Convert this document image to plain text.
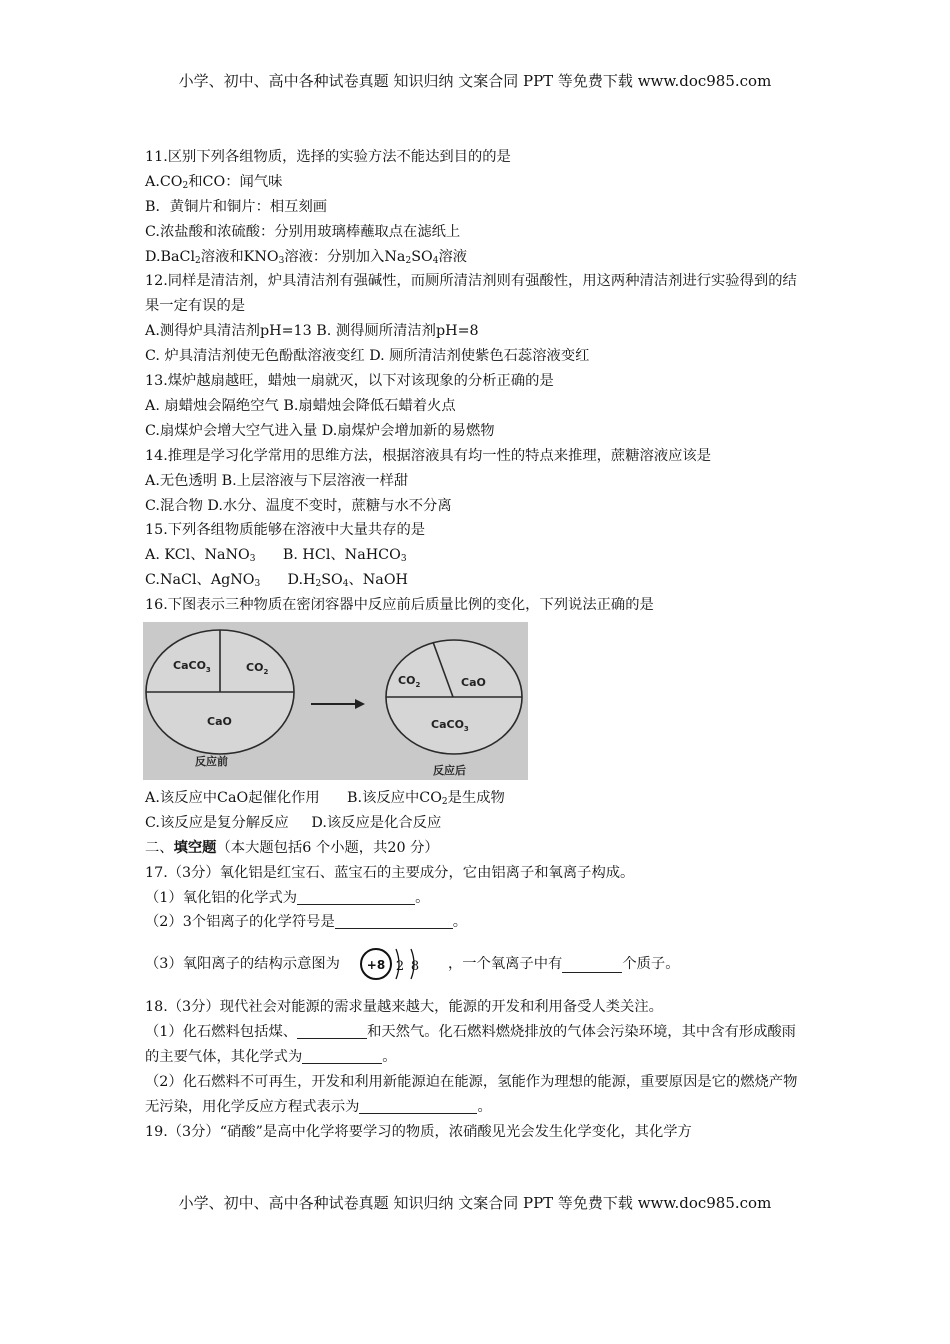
小学、初中、高中各种试卷真题 知识归纳 文案合同 PPT 等免费下载 www.doc985.com
11.区别下列各组物质，选择的实验方法不能达到目的的是
$A.CO_2$和CO：闻气味
B．黄铜片和铜片：相互刻画
C.浓盐酸和浓硫酸：分别用玻璃棒蘸取点在滤纸上
D.BaCl$_2$溶液和$KNO_3$溶液：分别加入$Na_2SO_4$溶液
12.同样是清洁剂，炉具清洁剂有强碱性，而厕所清洁剂则有强酸性，用这两种清洁剂进行实验得到的结果一定有误的是
A.测得炉具清洁剂pH=13 B. 测得厕所清洁剂pH=8
C. 炉具清洁剂使无色酚酞溶液变红 D. 厕所清洁剂使紫色石蕊溶液变红
13.煤炉越扇越旺，蜡烛一扇就灭，以下对该现象的分析正确的是
A. 扇蜡烛会隔绝空气 B.扇蜡烛会降低石蜡着火点
C.扇煤炉会增大空气进入量 D.扇煤炉会增加新的易燃物
14.推理是学习化学常用的思维方法，根据溶液具有均一性的特点来推理，蔗糖溶液应该是
A.无色透明 B.上层溶液与下层溶液一样甜
C.混合物 D.水分、温度不变时，蔗糖与水不分离
15.下列各组物质能够在溶液中大量共存的是
A. KCl、NaNO$_3$ B. HCl、NaHCO$_3$
C.NaCl、AgNO$_3$ $D.H_2SO_4$、NaOH
16.下图表示三种物质在密闭容器中反应前后质量比例的变化，下列说法正确的是
CaCO$_3$	$CO_2$
CaO
$CO_2$	CaO
CaCO$_3$
反应前
反应后
A.该反应中CaO起催化作用 B.该反应中$CO_2$是生成物
C.该反应是复分解反应 D.该反应是化合反应
二、填空题（本大题包括6 个小题，共20 分）
17.（3分）氧化铝是红宝石、蓝宝石的主要成分，它由铝离子和氧离子构成。
（1）氧化铝的化学式为	。
（2）3个铝离子的化学符号是	。
（3）氧阳离子的结构示意图为 +8 2 8 ，一个氧离子中有	个质子。
18.（3分）现代社会对能源的需求量越来越大，能源的开发和利用备受人类关注。
（1）化石燃料包括煤、	和天然气。化石燃料燃烧排放的气体会污染环境，其中含有形成酸雨的主要气体，其化学式为	。
（2）化石燃料不可再生，开发和利用新能源迫在能源，氢能作为理想的能源，重要原因是它的燃烧产物无污染，用化学反应方程式表示为	。
19.（3分）“硝酸”是高中化学将要学习的物质，浓硝酸见光会发生化学变化，其化学方
小学、初中、高中各种试卷真题 知识归纳 文案合同 PPT 等免费下载 www.doc985.com
